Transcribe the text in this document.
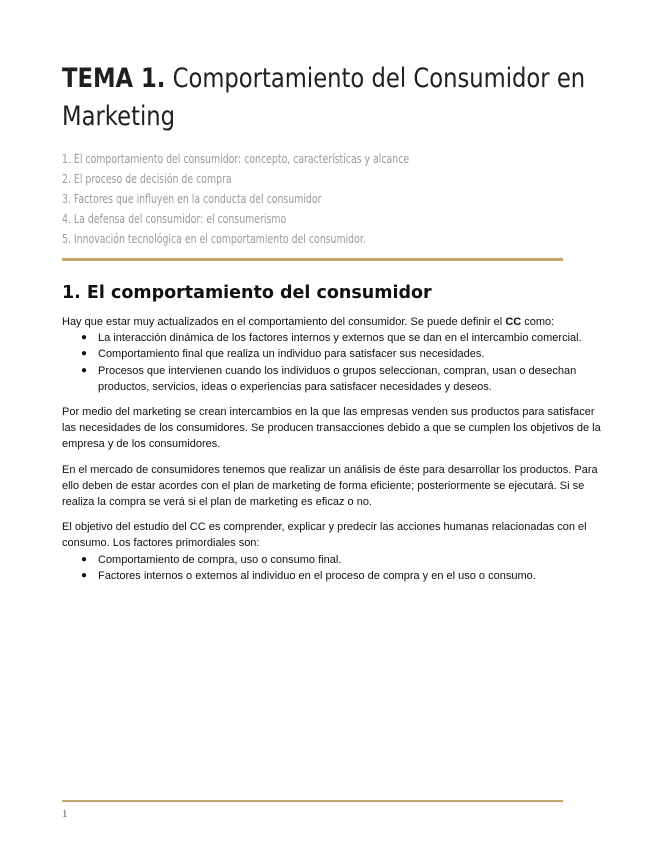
TEMA 1. Comportamiento del Consumidor en Marketing
1. El comportamiento del consumidor: concepto, características y alcance
2. El proceso de decisión de compra
3. Factores que influyen en la conducta del consumidor
4. La defensa del consumidor: el consumerismo
5. Innovación tecnológica en el comportamiento del consumidor.
1. El comportamiento del consumidor

Hay que estar muy actualizados en el comportamiento del consumidor. Se puede definir el CC como:

● La interacción dinámica de los factores internos y externos que se dan en el intercambio comercial.
● Comportamiento final que realiza un individuo para satisfacer sus necesidades.
● Procesos que intervienen cuando los individuos o grupos seleccionan, compran, usan o desechan productos, servicios, ideas o experiencias para satisfacer necesidades y deseos.

Por medio del marketing se crean intercambios en la que las empresas venden sus productos para satisfacer las necesidades de los consumidores. Se producen transacciones debido a que se cumplen los objetivos de la empresa y de los consumidores.

En el mercado de consumidores tenemos que realizar un análisis de éste para desarrollar los productos. Para ello deben de estar acordes con el plan de marketing de forma eficiente; posteriormente se ejecutará. Si se realiza la compra se verá si el plan de marketing es eficaz o no.

El objetivo del estudio del CC es comprender, explicar y predecir las acciones humanas relacionadas con el consumo. Los factores primordiales son:

● Comportamiento de compra, uso o consumo final.
● Factores internos o externos al individuo en el proceso de compra y en el uso o consumo.
1
